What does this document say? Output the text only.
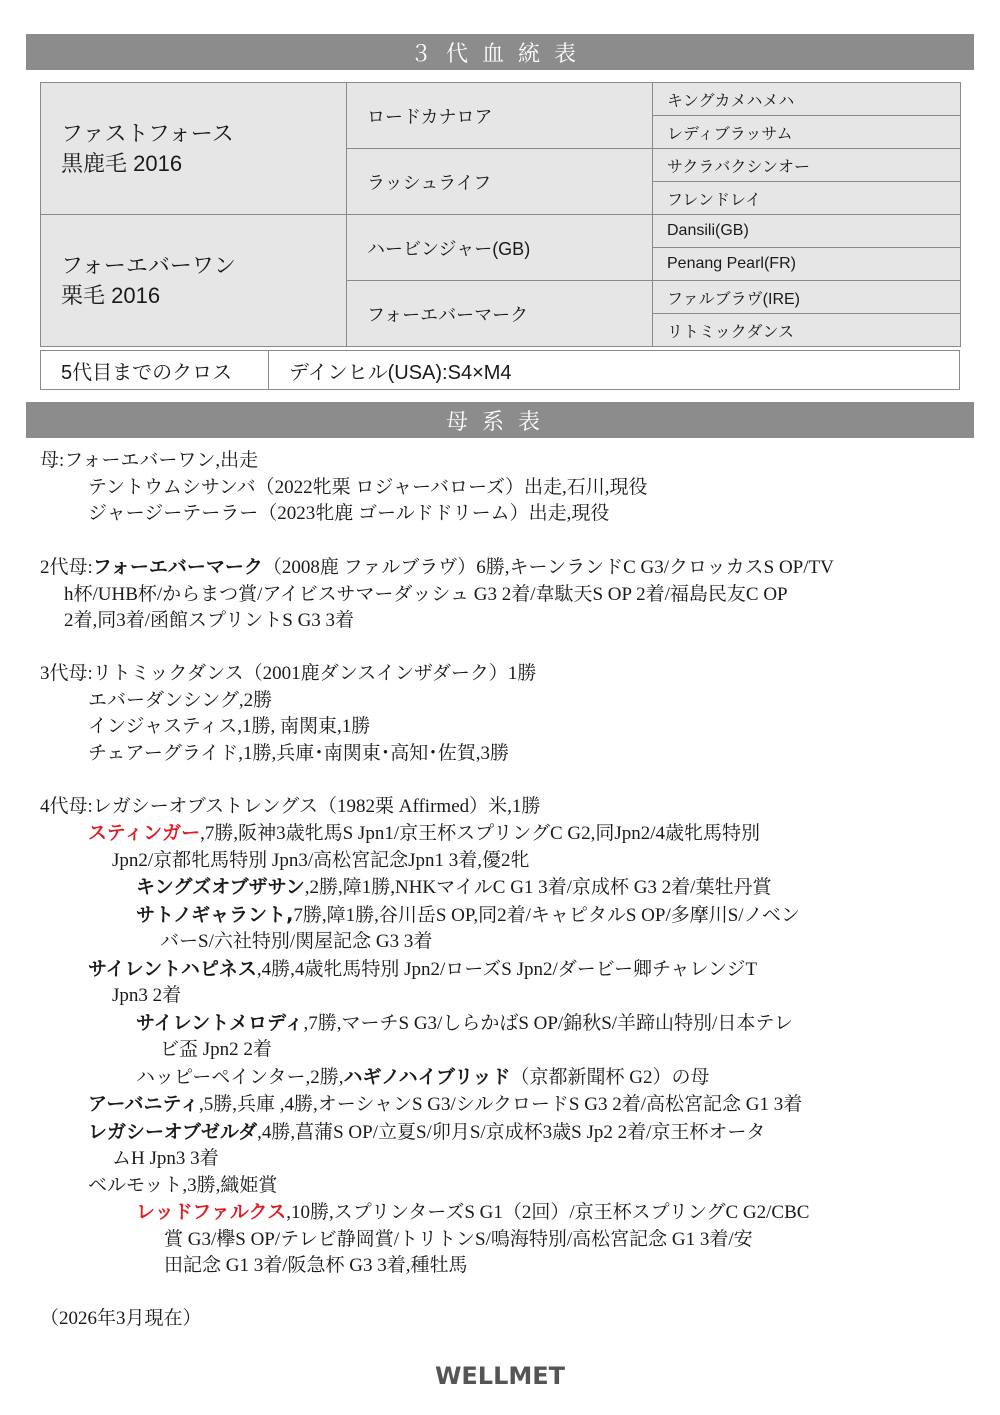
３代血統表
ファストフォース
黒鹿毛 2016	ロードカナロア	キングカメハメハ
		レディブラッサム
	ラッシュライフ	サクラバクシンオー
		フレンドレイ

フォーエバーワン
栗毛 2016	ハービンジャー(GB)	Dansili(GB)
		Penang Pearl(FR)
	フォーエバーマーク	ファルブラヴ(IRE)
		リトミックダンス
5代目までのクロス	デインヒル(USA):S4×M4
母系表
母:フォーエバーワン,出走
テントウムシサンバ（2022牝栗 ロジャーバローズ）出走,石川,現役
ジャージーテーラー（2023牝鹿 ゴールドドリーム）出走,現役
2代母:フォーエバーマーク（2008鹿 ファルブラヴ）6勝,キーンランドC G3/クロッカスS OP/TV
h杯/UHB杯/からまつ賞/アイビスサマーダッシュ G3 2着/韋駄天S OP 2着/福島民友C OP
2着,同3着/函館スプリントS G3 3着
3代母:リトミックダンス（2001鹿ダンスインザダーク）1勝
エバーダンシング,2勝
インジャスティス,1勝, 南関東,1勝
チェアーグライド,1勝,兵庫･南関東･高知･佐賀,3勝
4代母:レガシーオブストレングス（1982栗 Affirmed）米,1勝
スティンガー,7勝,阪神3歳牝馬S Jpn1/京王杯スプリングC G2,同Jpn2/4歳牝馬特別
Jpn2/京都牝馬特別 Jpn3/高松宮記念Jpn1 3着,優2牝
キングズオブザサン,2勝,障1勝,NHKマイルC G1 3着/京成杯 G3 2着/葉牡丹賞
サトノギャラント,7勝,障1勝,谷川岳S OP,同2着/キャピタルS OP/多摩川S/ノベン
バーS/六社特別/関屋記念 G3 3着
サイレントハピネス,4勝,4歳牝馬特別 Jpn2/ローズS Jpn2/ダービー卿チャレンジT
Jpn3 2着
サイレントメロディ,7勝,マーチS G3/しらかばS OP/錦秋S/羊蹄山特別/日本テレ
ビ盃 Jpn2 2着
ハッピーペインター,2勝,ハギノハイブリッド（京都新聞杯 G2）の母
アーバニティ,5勝,兵庫 ,4勝,オーシャンS G3/シルクロードS G3 2着/高松宮記念 G1 3着
レガシーオブゼルダ,4勝,菖蒲S OP/立夏S/卯月S/京成杯3歳S Jp2 2着/京王杯オータ
ムH Jpn3 3着
ベルモット,3勝,織姫賞
レッドファルクス,10勝,スプリンターズS G1（2回）/京王杯スプリングC G2/CBC
賞 G3/欅S OP/テレビ静岡賞/トリトンS/鳴海特別/高松宮記念 G1 3着/安
田記念 G1 3着/阪急杯 G3 3着,種牡馬
（2026年3月現在）
WELLMET
